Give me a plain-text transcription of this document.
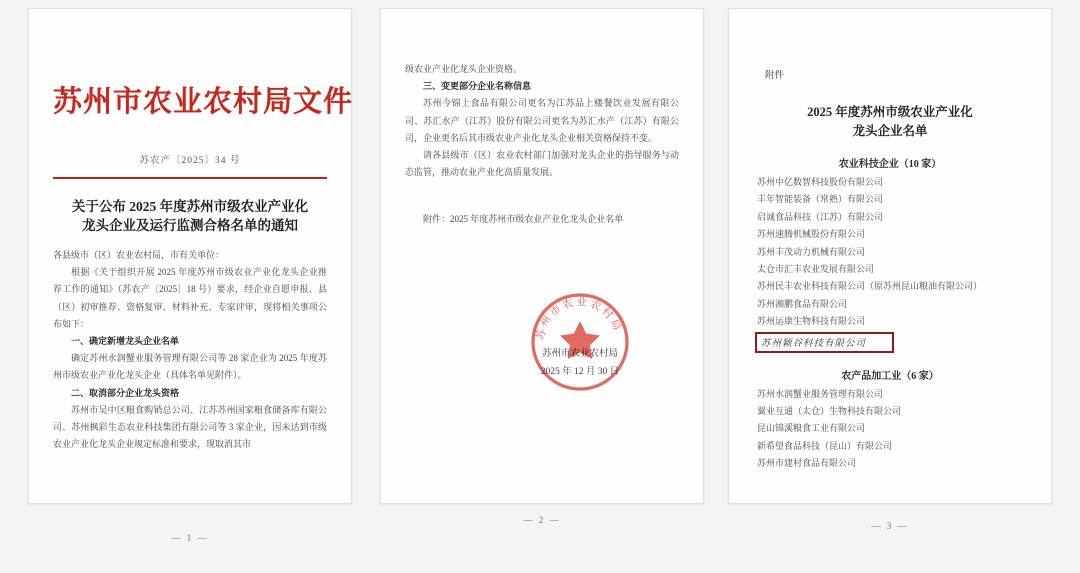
苏州市农业农村局文件
苏农产〔2025〕34 号
关于公布 2025 年度苏州市级农业产业化
龙头企业及运行监测合格名单的通知
各县级市（区）农业农村局，市有关单位：
根据《关于组织开展 2025 年度苏州市级农业产业化龙头企业推荐工作的通知》（苏农产〔2025〕18 号）要求，经企业自愿申报、县（区）初审推荐、资格复审、材料补充、专家评审，现将相关事项公布如下：
一、确定新增龙头企业名单
确定苏州水润蟹业服务管理有限公司等 28 家企业为 2025 年度苏州市级农业产业化龙头企业（具体名单见附件）。
二、取消部分企业龙头资格
苏州市吴中区粮食购销总公司、江苏苏州国家粮食储备库有限公司、苏州枫彩生态农业科技集团有限公司等 3 家企业，因未达到市级农业产业化龙头企业规定标准和要求，现取消其市
— 1 —
级农业产业化龙头企业资格。
三、变更部分企业名称信息
苏州今锦上食品有限公司更名为江苏品上楼餐饮业发展有限公司、苏汇水产（江苏）股份有限公司更名为苏汇水产（江苏）有限公司，企业更名后其市级农业产业化龙头企业相关资格保持不变。
请各县级市（区）农业农村部门加强对龙头企业的指导服务与动态监管，推动农业产业化高质量发展。
附件：2025 年度苏州市级农业产业化龙头企业名单
苏州市农业农村局
苏州市农业农村局
2025 年 12 月 30 日
— 2 —
附件
2025 年度苏州市级农业产业化
龙头企业名单
农业科技企业（10 家）
苏州中亿数智科技股份有限公司
丰年智能装备（常熟）有限公司
启诚食品科技（江苏）有限公司
苏州速腾机械股份有限公司
苏州丰茂动力机械有限公司
太仓市汇丰农业发展有限公司
苏州民丰农业科技有限公司（原苏州昆山粮油有限公司）
苏州湘鹏食品有限公司
苏州运康生物科技有限公司
苏州颖谷科技有限公司
农产品加工业（6 家）
苏州水润蟹业服务管理有限公司
翼业互通（太仓）生物科技有限公司
昆山锦溪粮食工业有限公司
新希望食品科技（昆山）有限公司
苏州市建村食品有限公司
— 3 —
